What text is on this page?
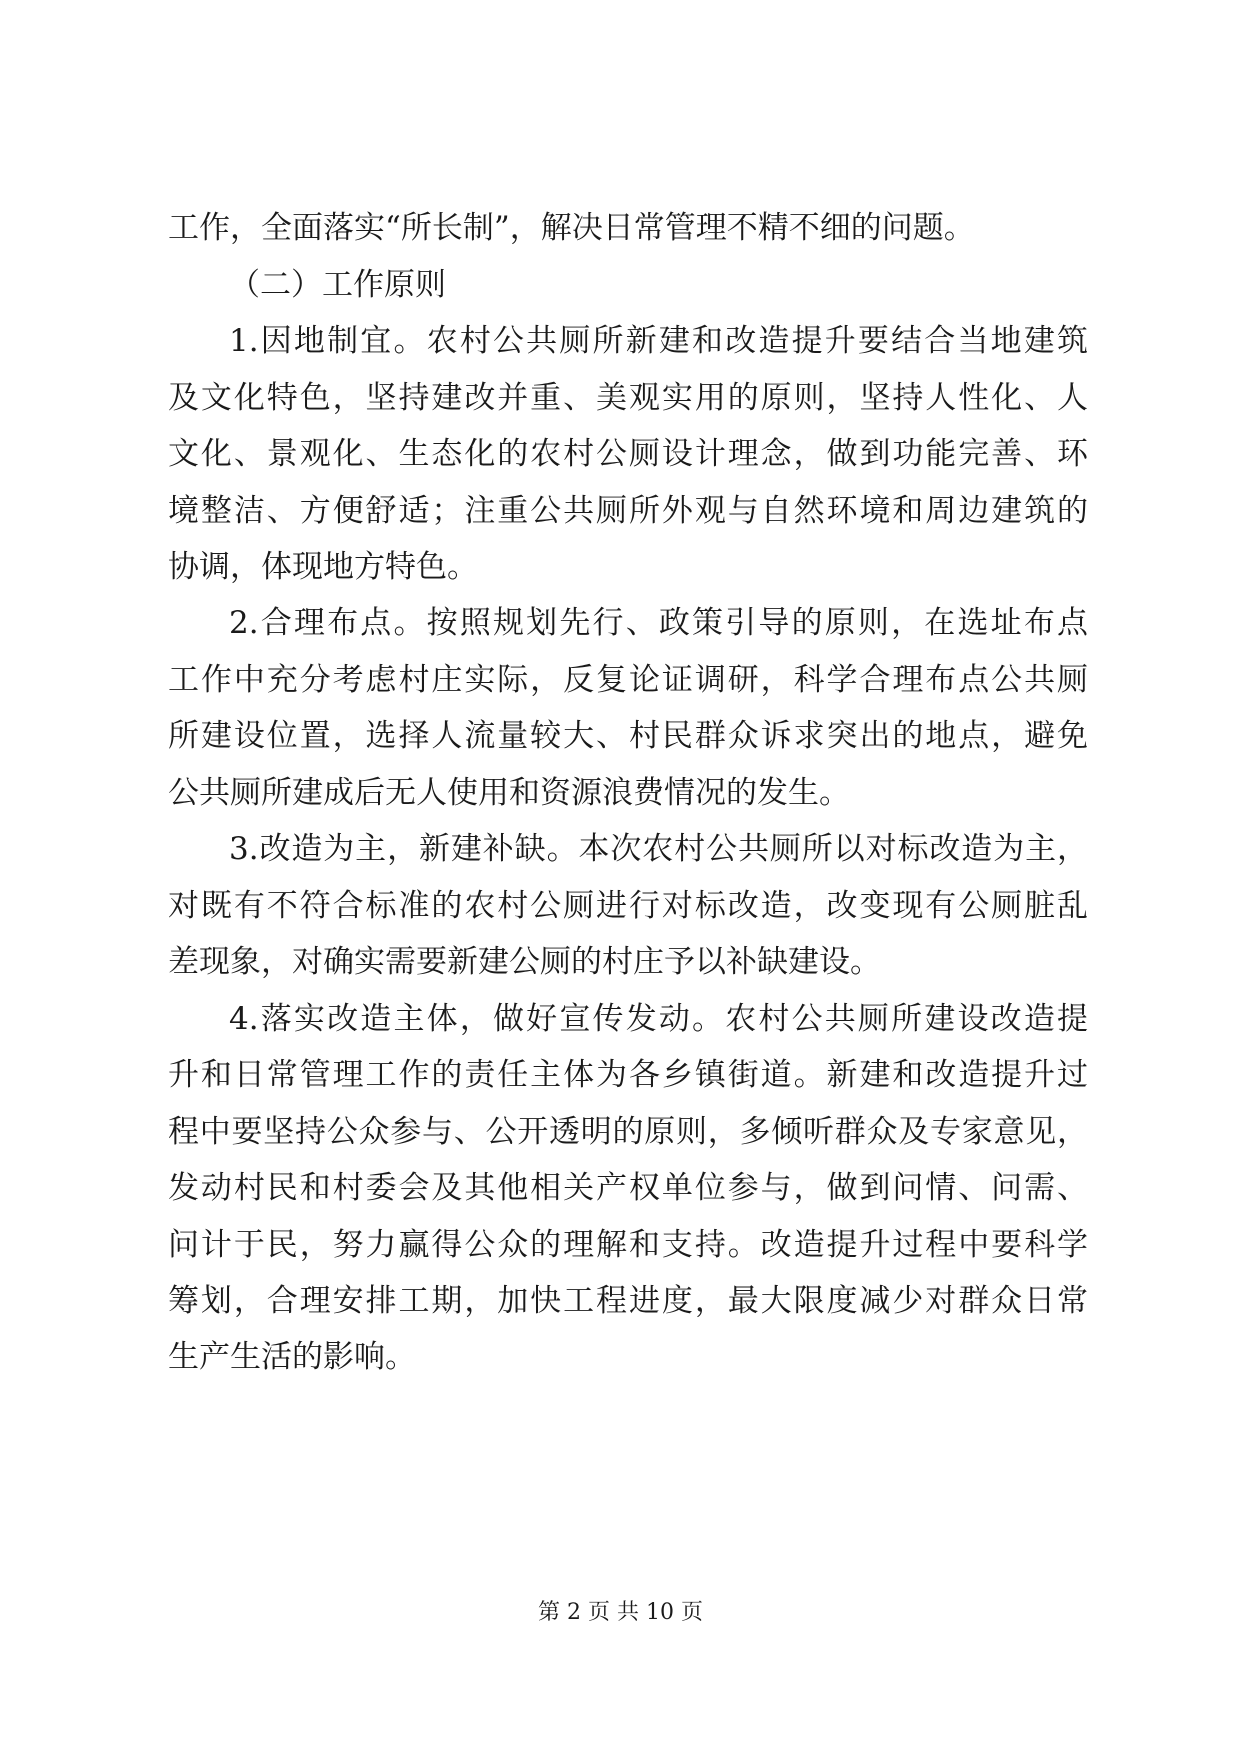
工作，全面落实“所长制”，解决日常管理不精不细的问题。
（二）工作原则
1.因地制宜。农村公共厕所新建和改造提升要结合当地建筑
及文化特色，坚持建改并重、美观实用的原则，坚持人性化、人
文化、景观化、生态化的农村公厕设计理念，做到功能完善、环
境整洁、方便舒适；注重公共厕所外观与自然环境和周边建筑的
协调，体现地方特色。
2.合理布点。按照规划先行、政策引导的原则，在选址布点
工作中充分考虑村庄实际，反复论证调研，科学合理布点公共厕
所建设位置，选择人流量较大、村民群众诉求突出的地点，避免
公共厕所建成后无人使用和资源浪费情况的发生。
3.改造为主，新建补缺。本次农村公共厕所以对标改造为主，
对既有不符合标准的农村公厕进行对标改造，改变现有公厕脏乱
差现象，对确实需要新建公厕的村庄予以补缺建设。
4.落实改造主体，做好宣传发动。农村公共厕所建设改造提
升和日常管理工作的责任主体为各乡镇街道。新建和改造提升过
程中要坚持公众参与、公开透明的原则，多倾听群众及专家意见，
发动村民和村委会及其他相关产权单位参与，做到问情、问需、
问计于民，努力赢得公众的理解和支持。改造提升过程中要科学
筹划，合理安排工期，加快工程进度，最大限度减少对群众日常
生产生活的影响。
第 2 页 共 10 页
